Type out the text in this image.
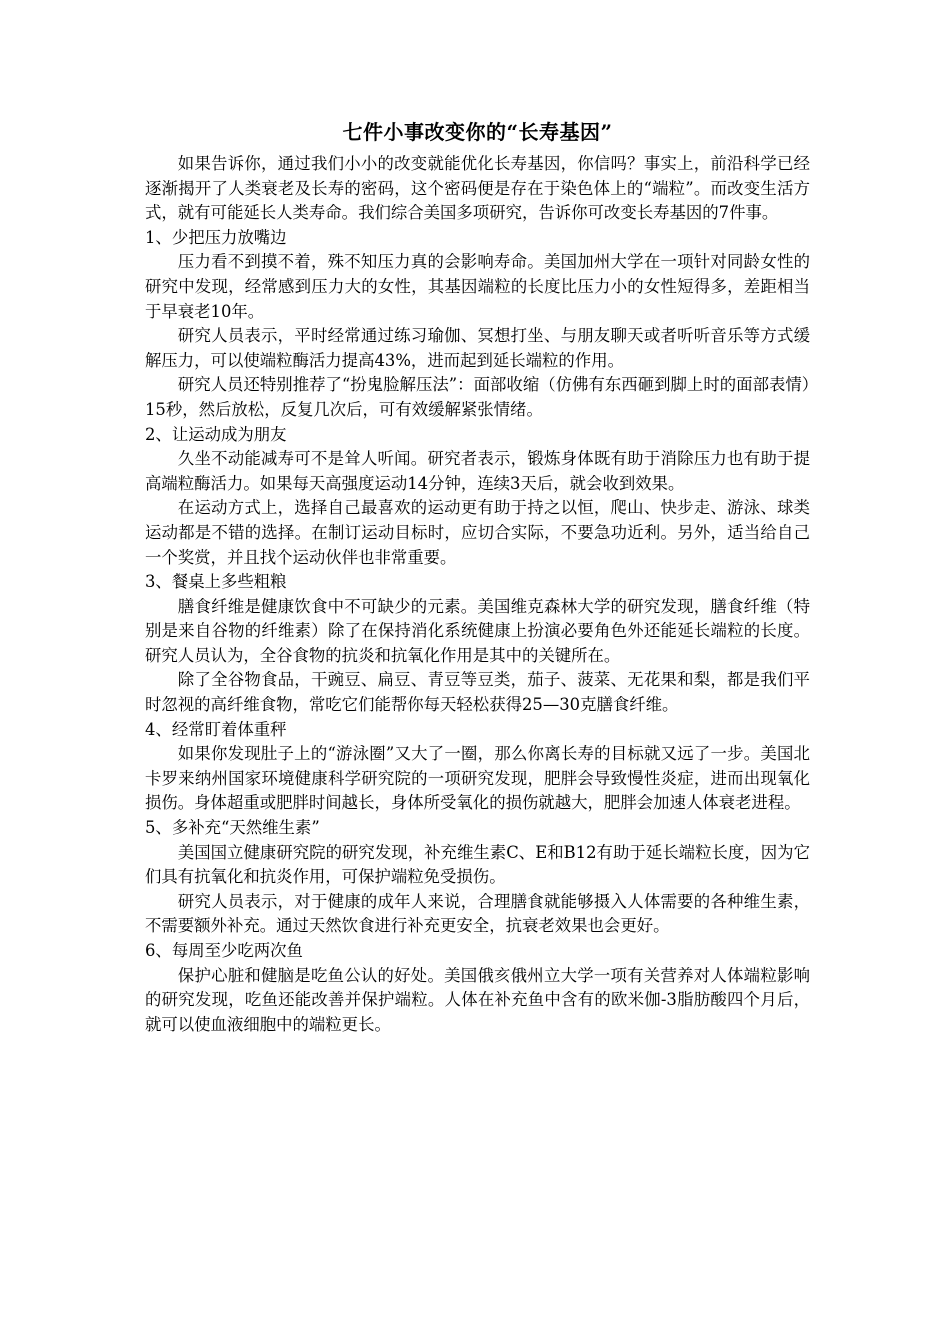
七件小事改变你的“长寿基因”

如果告诉你，通过我们小小的改变就能优化长寿基因，你信吗？事实上，前沿科学已经逐渐揭开了人类衰老及长寿的密码，这个密码便是存在于染色体上的“端粒”。而改变生活方式，就有可能延长人类寿命。我们综合美国多项研究，告诉你可改变长寿基因的7件事。

1、少把压力放嘴边

压力看不到摸不着，殊不知压力真的会影响寿命。美国加州大学在一项针对同龄女性的研究中发现，经常感到压力大的女性，其基因端粒的长度比压力小的女性短得多，差距相当于早衰老10年。

研究人员表示，平时经常通过练习瑜伽、冥想打坐、与朋友聊天或者听听音乐等方式缓解压力，可以使端粒酶活力提高43%，进而起到延长端粒的作用。

研究人员还特别推荐了“扮鬼脸解压法”：面部收缩（仿佛有东西砸到脚上时的面部表情）15秒，然后放松，反复几次后，可有效缓解紧张情绪。

2、让运动成为朋友

久坐不动能减寿可不是耸人听闻。研究者表示，锻炼身体既有助于消除压力也有助于提高端粒酶活力。如果每天高强度运动14分钟，连续3天后，就会收到效果。

在运动方式上，选择自己最喜欢的运动更有助于持之以恒，爬山、快步走、游泳、球类运动都是不错的选择。在制订运动目标时，应切合实际，不要急功近利。另外，适当给自己一个奖赏，并且找个运动伙伴也非常重要。

3、餐桌上多些粗粮

膳食纤维是健康饮食中不可缺少的元素。美国维克森林大学的研究发现，膳食纤维（特别是来自谷物的纤维素）除了在保持消化系统健康上扮演必要角色外还能延长端粒的长度。研究人员认为，全谷食物的抗炎和抗氧化作用是其中的关键所在。

除了全谷物食品，干豌豆、扁豆、青豆等豆类，茄子、菠菜、无花果和梨，都是我们平时忽视的高纤维食物，常吃它们能帮你每天轻松获得25—30克膳食纤维。

4、经常盯着体重秤

如果你发现肚子上的“游泳圈”又大了一圈，那么你离长寿的目标就又远了一步。美国北卡罗来纳州国家环境健康科学研究院的一项研究发现，肥胖会导致慢性炎症，进而出现氧化损伤。身体超重或肥胖时间越长，身体所受氧化的损伤就越大，肥胖会加速人体衰老进程。

5、多补充“天然维生素”

美国国立健康研究院的研究发现，补充维生素C、E和B12有助于延长端粒长度，因为它们具有抗氧化和抗炎作用，可保护端粒免受损伤。

研究人员表示，对于健康的成年人来说，合理膳食就能够摄入人体需要的各种维生素，不需要额外补充。通过天然饮食进行补充更安全，抗衰老效果也会更好。

6、每周至少吃两次鱼

保护心脏和健脑是吃鱼公认的好处。美国俄亥俄州立大学一项有关营养对人体端粒影响的研究发现，吃鱼还能改善并保护端粒。人体在补充鱼中含有的欧米伽-3脂肪酸四个月后，就可以使血液细胞中的端粒更长。
